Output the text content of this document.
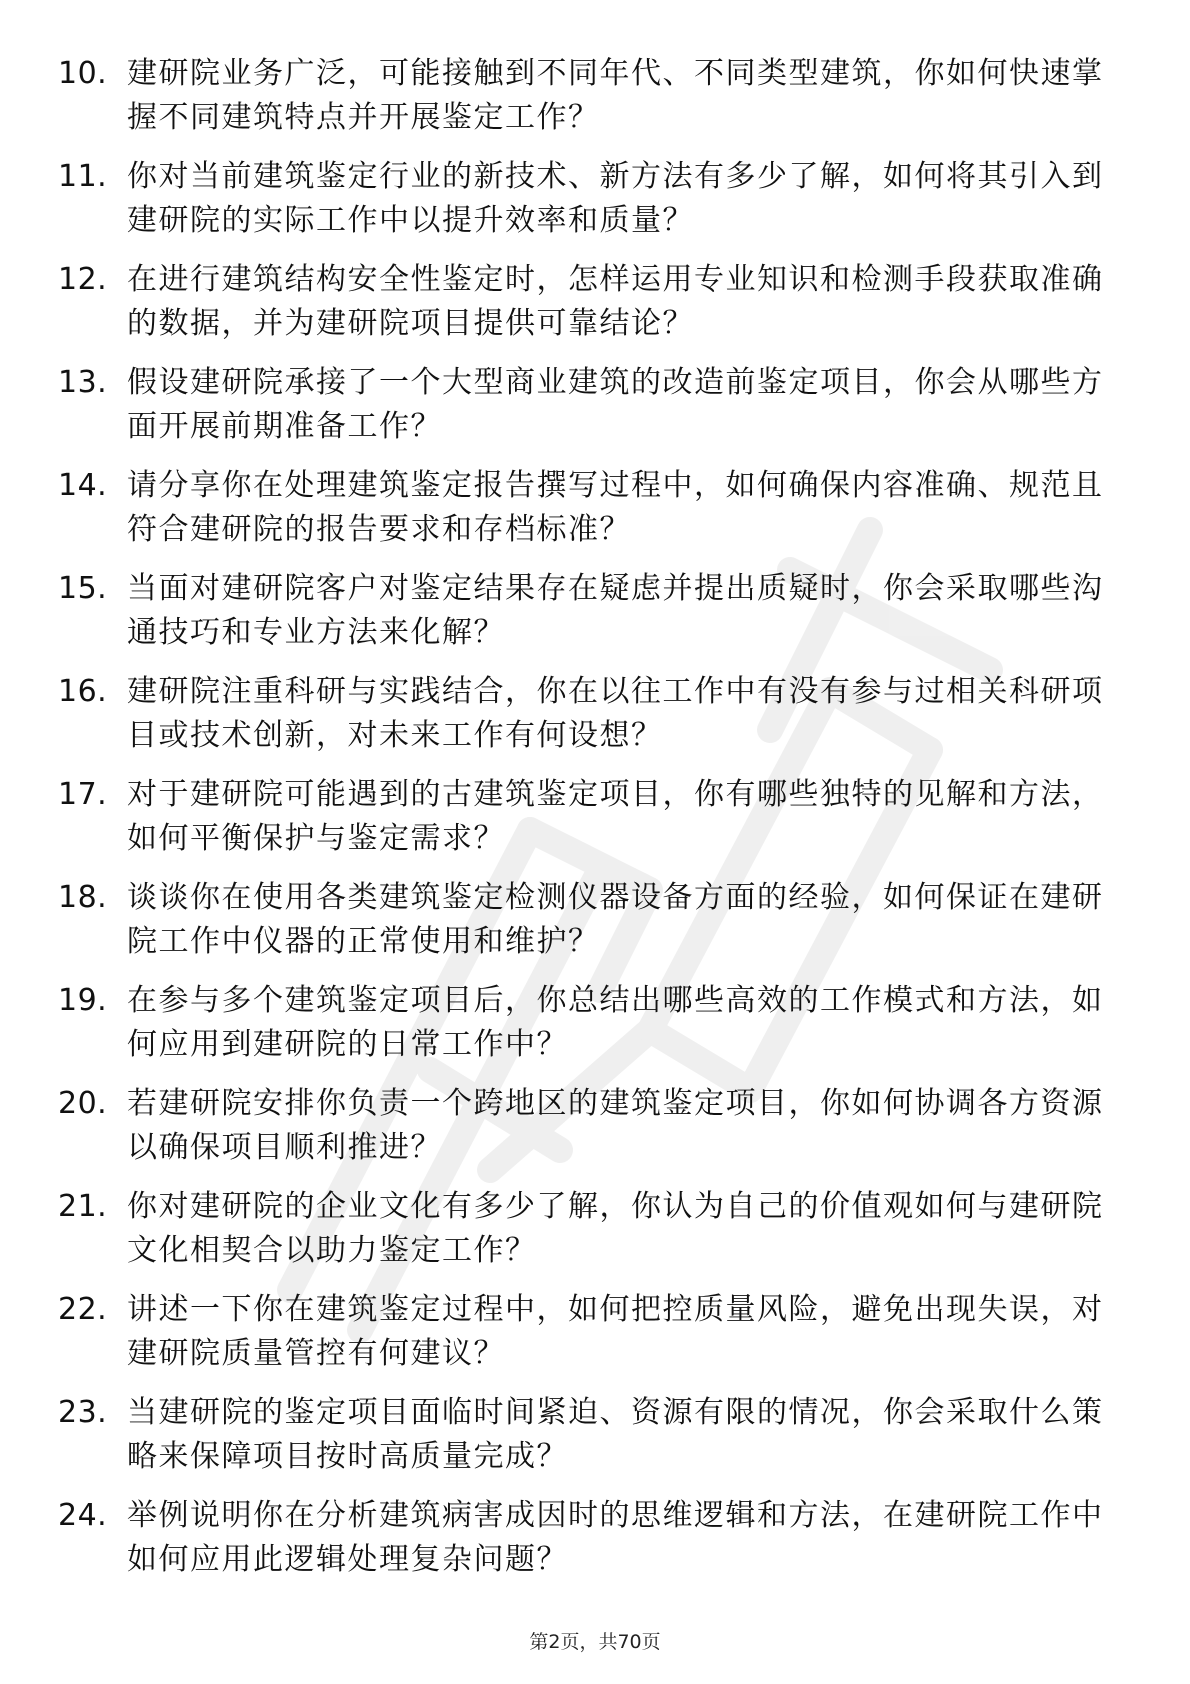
10. 建研院业务广泛，可能接触到不同年代、不同类型建筑，你如何快速掌握不同建筑特点并开展鉴定工作？
11. 你对当前建筑鉴定行业的新技术、新方法有多少了解，如何将其引入到建研院的实际工作中以提升效率和质量？
12. 在进行建筑结构安全性鉴定时，怎样运用专业知识和检测手段获取准确的数据，并为建研院项目提供可靠结论？
13. 假设建研院承接了一个大型商业建筑的改造前鉴定项目，你会从哪些方面开展前期准备工作？
14. 请分享你在处理建筑鉴定报告撰写过程中，如何确保内容准确、规范且符合建研院的报告要求和存档标准？
15. 当面对建研院客户对鉴定结果存在疑虑并提出质疑时，你会采取哪些沟通技巧和专业方法来化解？
16. 建研院注重科研与实践结合，你在以往工作中有没有参与过相关科研项目或技术创新，对未来工作有何设想？
17. 对于建研院可能遇到的古建筑鉴定项目，你有哪些独特的见解和方法，如何平衡保护与鉴定需求？
18. 谈谈你在使用各类建筑鉴定检测仪器设备方面的经验，如何保证在建研院工作中仪器的正常使用和维护？
19. 在参与多个建筑鉴定项目后，你总结出哪些高效的工作模式和方法，如何应用到建研院的日常工作中？
20. 若建研院安排你负责一个跨地区的建筑鉴定项目，你如何协调各方资源以确保项目顺利推进？
21. 你对建研院的企业文化有多少了解，你认为自己的价值观如何与建研院文化相契合以助力鉴定工作？
22. 讲述一下你在建筑鉴定过程中，如何把控质量风险，避免出现失误，对建研院质量管控有何建议？
23. 当建研院的鉴定项目面临时间紧迫、资源有限的情况，你会采取什么策略来保障项目按时高质量完成？
24. 举例说明你在分析建筑病害成因时的思维逻辑和方法，在建研院工作中如何应用此逻辑处理复杂问题？
第2页，共70页
